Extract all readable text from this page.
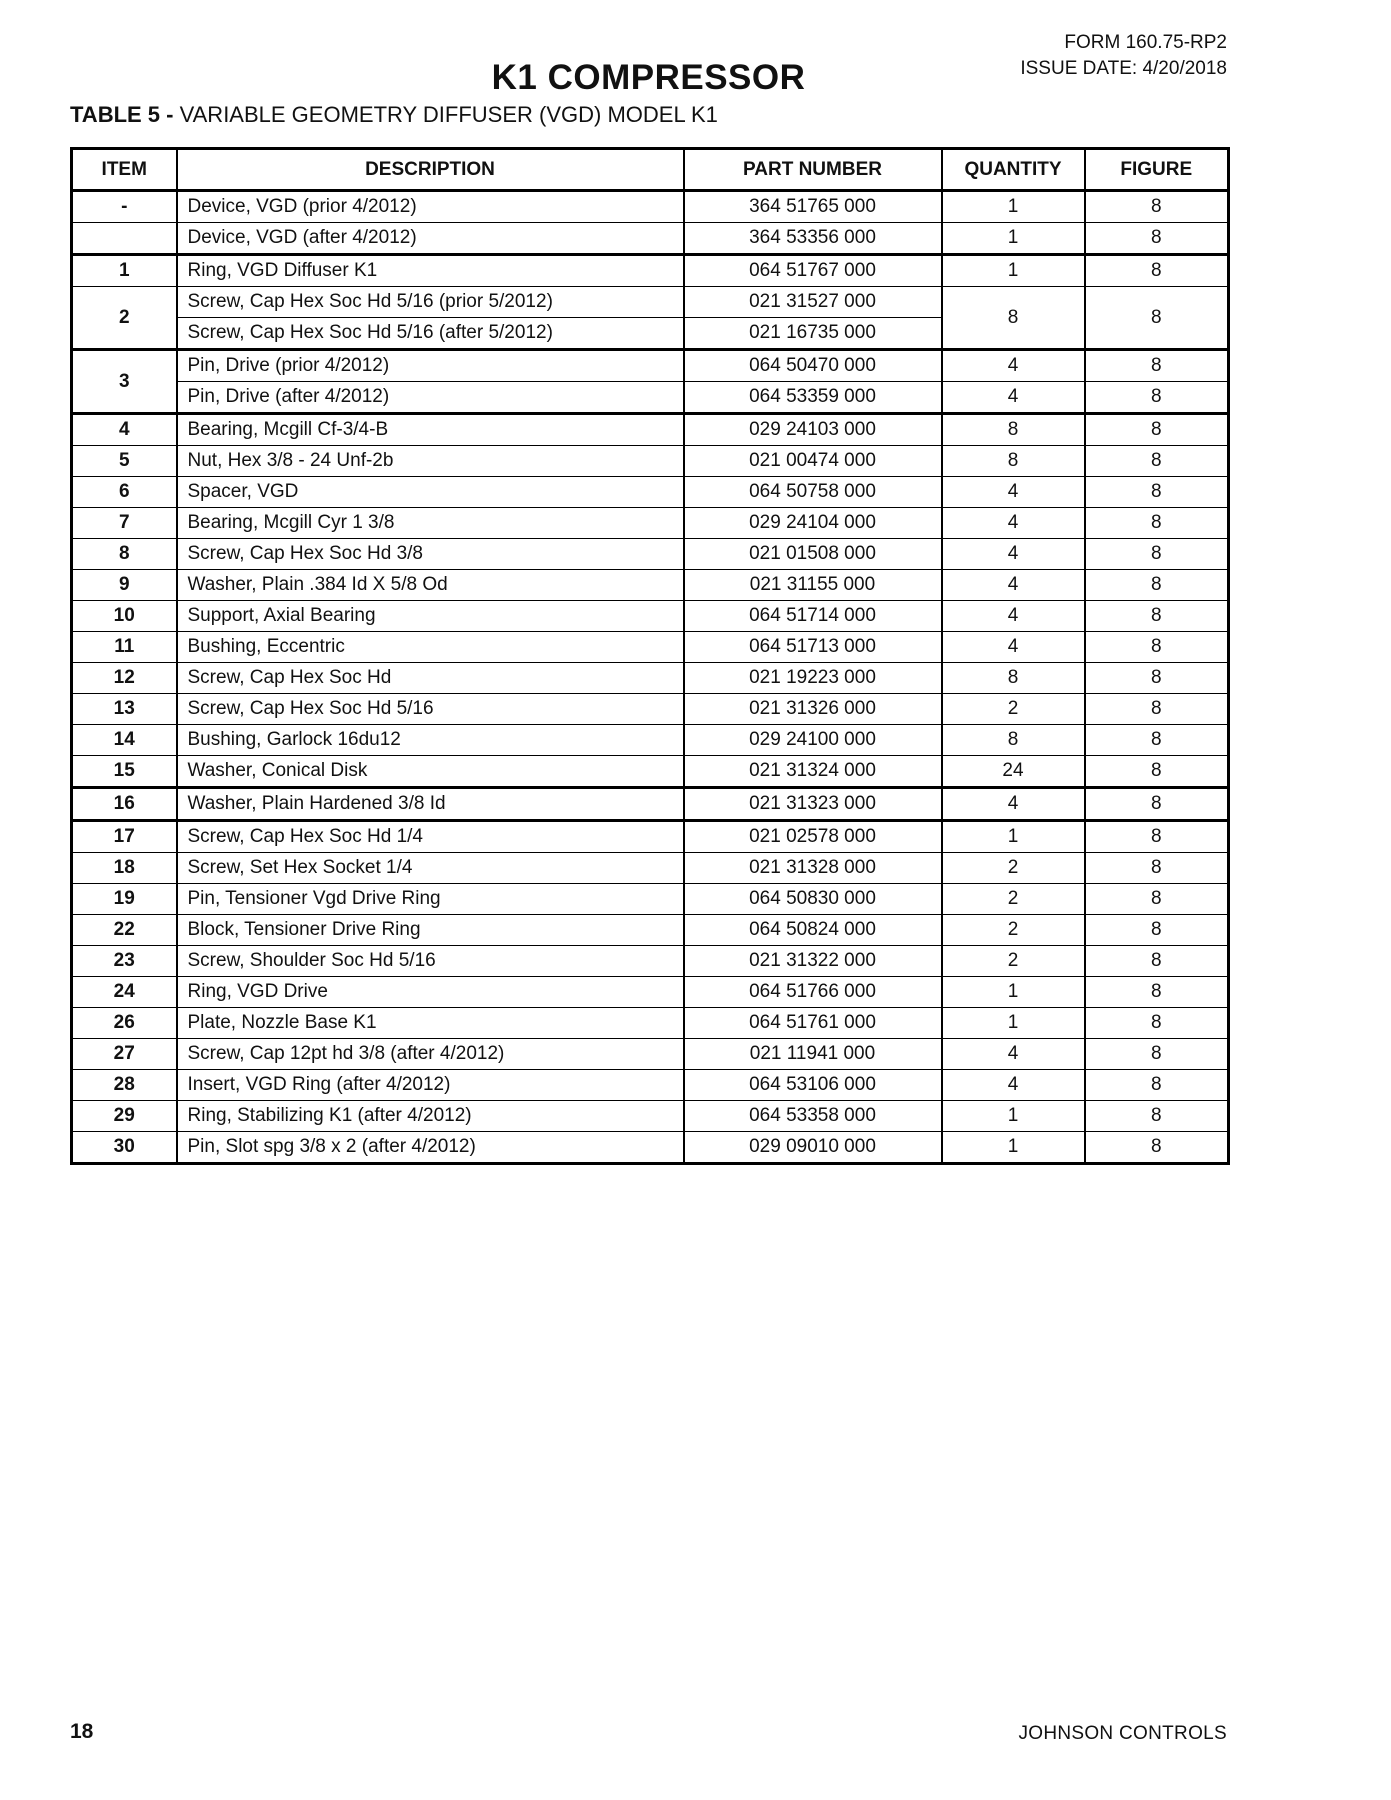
FORM 160.75-RP2
ISSUE DATE: 4/20/2018
K1 COMPRESSOR
TABLE 5 - VARIABLE GEOMETRY DIFFUSER (VGD) MODEL K1
ITEM	DESCRIPTION	PART NUMBER	QUANTITY	FIGURE
-	Device, VGD (prior 4/2012)	364 51765 000	1	8
	Device, VGD (after 4/2012)	364 53356 000	1	8
1	Ring, VGD Diffuser K1	064 51767 000	1	8
2	Screw, Cap Hex Soc Hd 5/16 (prior 5/2012)	021 31527 000	8	8
	Screw, Cap Hex Soc Hd 5/16 (after 5/2012)	021 16735 000		
3	Pin, Drive (prior 4/2012)	064 50470 000	4	8
	Pin, Drive (after 4/2012)	064 53359 000	4	8
4	Bearing, Mcgill Cf-3/4-B	029 24103 000	8	8
5	Nut, Hex 3/8 - 24 Unf-2b	021 00474 000	8	8
6	Spacer, VGD	064 50758 000	4	8
7	Bearing, Mcgill Cyr 1 3/8	029 24104 000	4	8
8	Screw, Cap Hex Soc Hd 3/8	021 01508 000	4	8
9	Washer, Plain .384 Id X 5/8 Od	021 31155 000	4	8
10	Support, Axial Bearing	064 51714 000	4	8
11	Bushing, Eccentric	064 51713 000	4	8
12	Screw, Cap Hex Soc Hd	021 19223 000	8	8
13	Screw, Cap Hex Soc Hd 5/16	021 31326 000	2	8
14	Bushing, Garlock 16du12	029 24100 000	8	8
15	Washer, Conical Disk	021 31324 000	24	8
16	Washer, Plain Hardened 3/8 Id	021 31323 000	4	8
17	Screw, Cap Hex Soc Hd 1/4	021 02578 000	1	8
18	Screw, Set Hex Socket 1/4	021 31328 000	2	8
19	Pin, Tensioner Vgd Drive Ring	064 50830 000	2	8
22	Block, Tensioner Drive Ring	064 50824 000	2	8
23	Screw, Shoulder Soc Hd 5/16	021 31322 000	2	8
24	Ring, VGD Drive	064 51766 000	1	8
26	Plate, Nozzle Base K1	064 51761 000	1	8
27	Screw, Cap 12pt hd 3/8 (after 4/2012)	021 11941 000	4	8
28	Insert, VGD Ring (after 4/2012)	064 53106 000	4	8
29	Ring, Stabilizing K1 (after 4/2012)	064 53358 000	1	8
30	Pin, Slot spg 3/8 x 2 (after 4/2012)	029 09010 000	1	8
18	JOHNSON CONTROLS
